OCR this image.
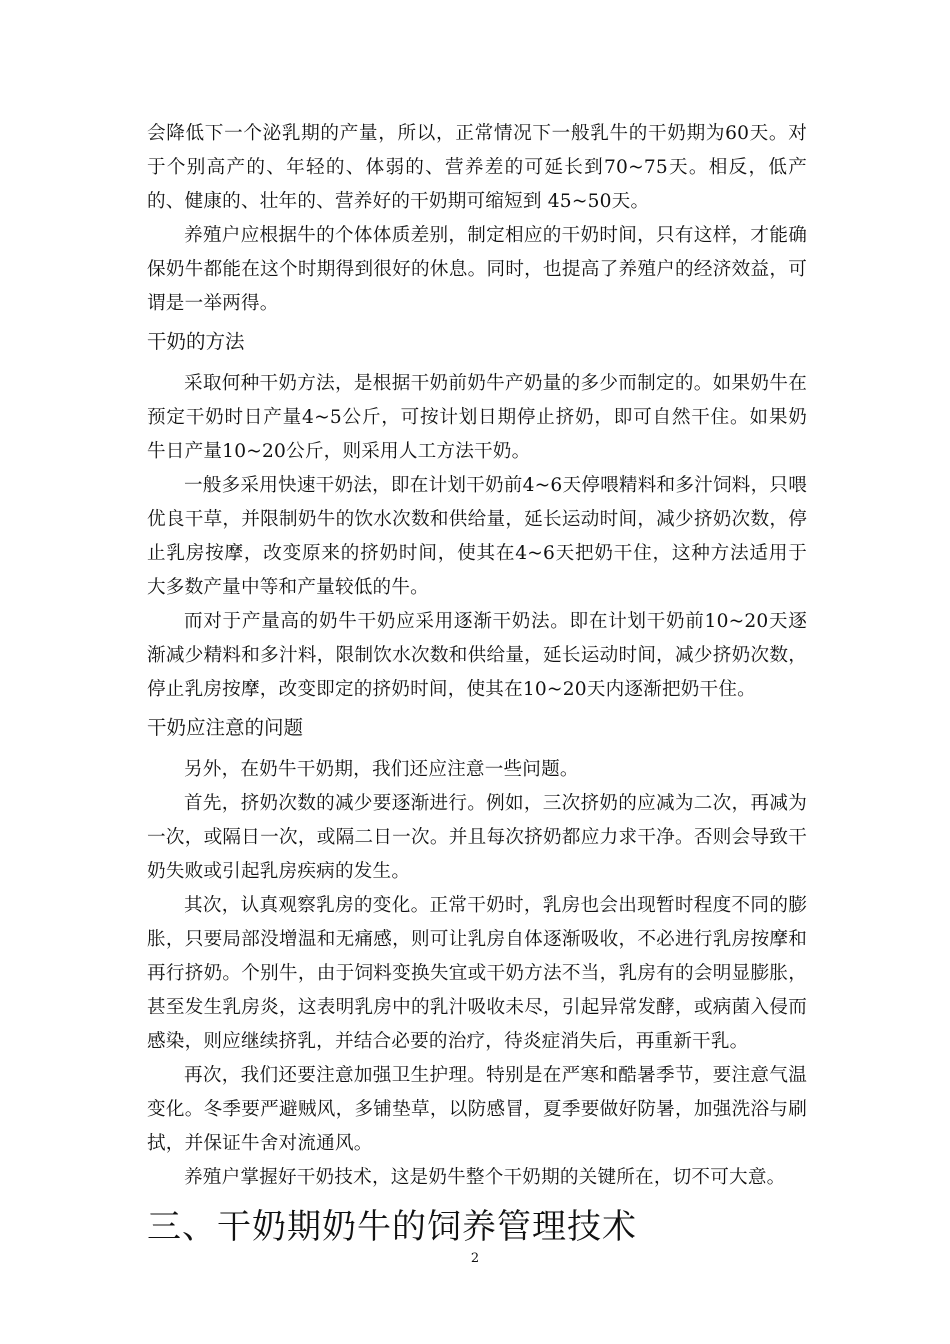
会降低下一个泌乳期的产量，所以，正常情况下一般乳牛的干奶期为60天。对于个别高产的、年轻的、体弱的、营养差的可延长到70~75天。相反，低产的、健康的、壮年的、营养好的干奶期可缩短到 45~50天。

养殖户应根据牛的个体体质差别，制定相应的干奶时间，只有这样，才能确保奶牛都能在这个时期得到很好的休息。同时，也提高了养殖户的经济效益，可谓是一举两得。

干奶的方法

采取何种干奶方法，是根据干奶前奶牛产奶量的多少而制定的。如果奶牛在预定干奶时日产量4~5公斤，可按计划日期停止挤奶，即可自然干住。如果奶牛日产量10~20公斤，则采用人工方法干奶。

一般多采用快速干奶法，即在计划干奶前4~6天停喂精料和多汁饲料，只喂优良干草，并限制奶牛的饮水次数和供给量，延长运动时间，减少挤奶次数，停止乳房按摩，改变原来的挤奶时间，使其在4~6天把奶干住，这种方法适用于大多数产量中等和产量较低的牛。

而对于产量高的奶牛干奶应采用逐渐干奶法。即在计划干奶前10~20天逐渐减少精料和多汁料，限制饮水次数和供给量，延长运动时间，减少挤奶次数，停止乳房按摩，改变即定的挤奶时间，使其在10~20天内逐渐把奶干住。

干奶应注意的问题

另外，在奶牛干奶期，我们还应注意一些问题。

首先，挤奶次数的减少要逐渐进行。例如，三次挤奶的应减为二次，再减为一次，或隔日一次，或隔二日一次。并且每次挤奶都应力求干净。否则会导致干奶失败或引起乳房疾病的发生。

其次，认真观察乳房的变化。正常干奶时，乳房也会出现暂时程度不同的膨胀，只要局部没增温和无痛感，则可让乳房自体逐渐吸收，不必进行乳房按摩和再行挤奶。个别牛，由于饲料变换失宜或干奶方法不当，乳房有的会明显膨胀，甚至发生乳房炎，这表明乳房中的乳汁吸收未尽，引起异常发酵，或病菌入侵而感染，则应继续挤乳，并结合必要的治疗，待炎症消失后，再重新干乳。

再次，我们还要注意加强卫生护理。特别是在严寒和酷暑季节，要注意气温变化。冬季要严避贼风，多铺垫草，以防感冒，夏季要做好防暑，加强洗浴与刷拭，并保证牛舍对流通风。

养殖户掌握好干奶技术，这是奶牛整个干奶期的关键所在，切不可大意。

三、干奶期奶牛的饲养管理技术
2
